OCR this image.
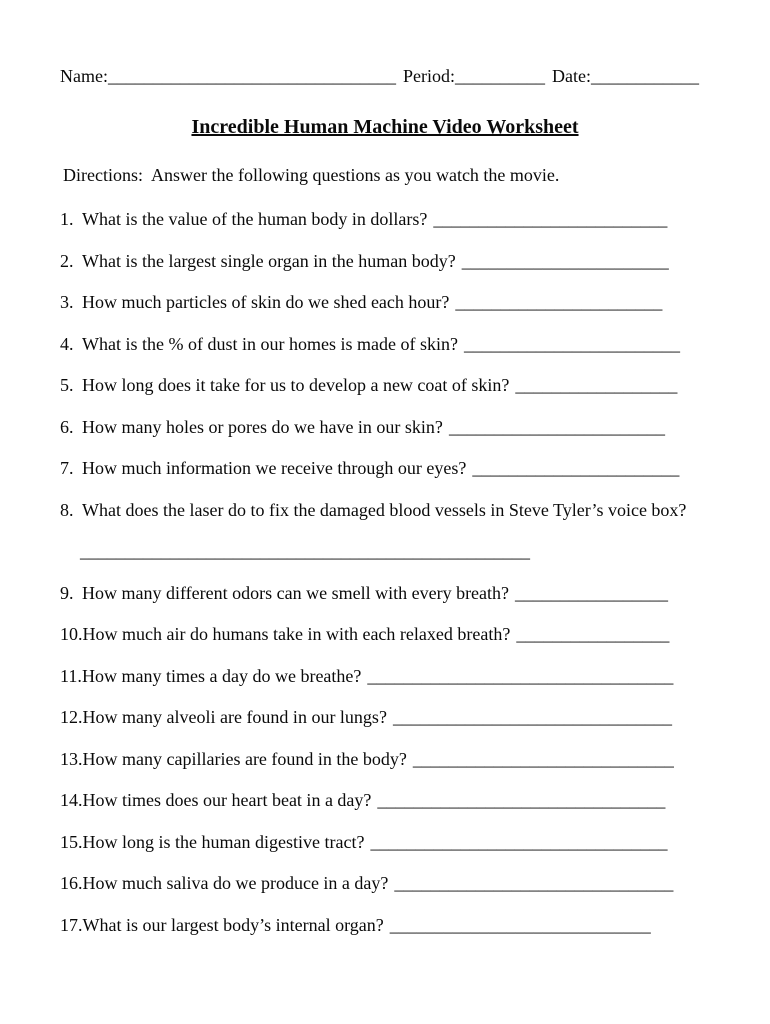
Name:________________________________ Period:__________ Date:____________
Incredible Human Machine Video Worksheet
Directions:  Answer the following questions as you watch the movie.
1. What is the value of the human body in dollars? __________________________
2. What is the largest single organ in the human body? _______________________
3. How much particles of skin do we shed each hour? _______________________
4. What is the % of dust in our homes is made of skin? ________________________
5. How long does it take for us to develop a new coat of skin? __________________
6. How many holes or pores do we have in our skin? ________________________
7. How much information we receive through our eyes? _______________________
8. What does the laser do to fix the damaged blood vessels in Steve Tyler’s voice box?
__________________________________________________
9. How many different odors can we smell with every breath? _________________
10.How much air do humans take in with each relaxed breath? _________________
11.How many times a day do we breathe? __________________________________
12.How many alveoli are found in our lungs? _______________________________
13.How many capillaries are found in the body? _____________________________
14.How times does our heart beat in a day? ________________________________
15.How long is the human digestive tract? _________________________________
16.How much saliva do we produce in a day? _______________________________
17.What is our largest body’s internal organ? _____________________________
